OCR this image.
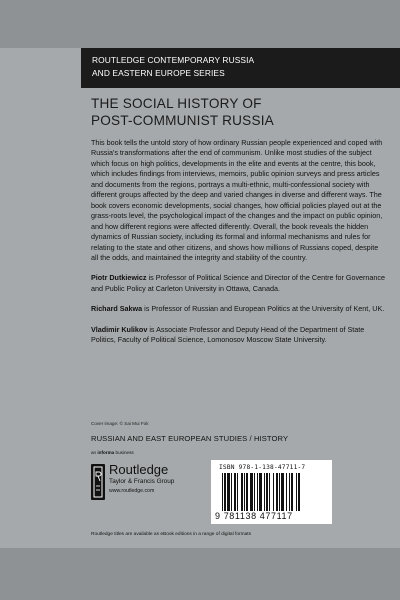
ROUTLEDGE CONTEMPORARY RUSSIA
AND EASTERN EUROPE SERIES
THE SOCIAL HISTORY OF
POST-COMMUNIST RUSSIA

This book tells the untold story of how ordinary Russian people experienced and coped with Russia's transformations after the end of communism. Unlike most studies of the subject which focus on high politics, developments in the elite and events at the centre, this book, which includes findings from interviews, memoirs, public opinion surveys and press articles and documents from the regions, portrays a multi-ethnic, multi-confessional society with different groups affected by the deep and varied changes in diverse and different ways. The book covers economic developments, social changes, how official policies played out at the grass-roots level, the psychological impact of the changes and the impact on public opinion, and how different regions were affected differently. Overall, the book reveals the hidden dynamics of Russian society, including its formal and informal mechanisms and rules for relating to the state and other citizens, and shows how millions of Russians coped, despite all the odds, and maintained the integrity and stability of the country.

Piotr Dutkiewicz is Professor of Political Science and Director of the Centre for Governance and Public Policy at Carleton University in Ottawa, Canada.

Richard Sakwa is Professor of Russian and European Politics at the University of Kent, UK.

Vladimir Kulikov is Associate Professor and Deputy Head of the Department of State Politics, Faculty of Political Science, Lomonosov Moscow State University.

Cover image: © Sai Mui Fok
RUSSIAN AND EAST EUROPEAN STUDIES / HISTORY
an informa business
Routledge
Taylor & Francis Group
www.routledge.com
ISBN 978-1-138-47711-7
9 781138 477117
Routledge titles are available as eBook editions in a range of digital formats
